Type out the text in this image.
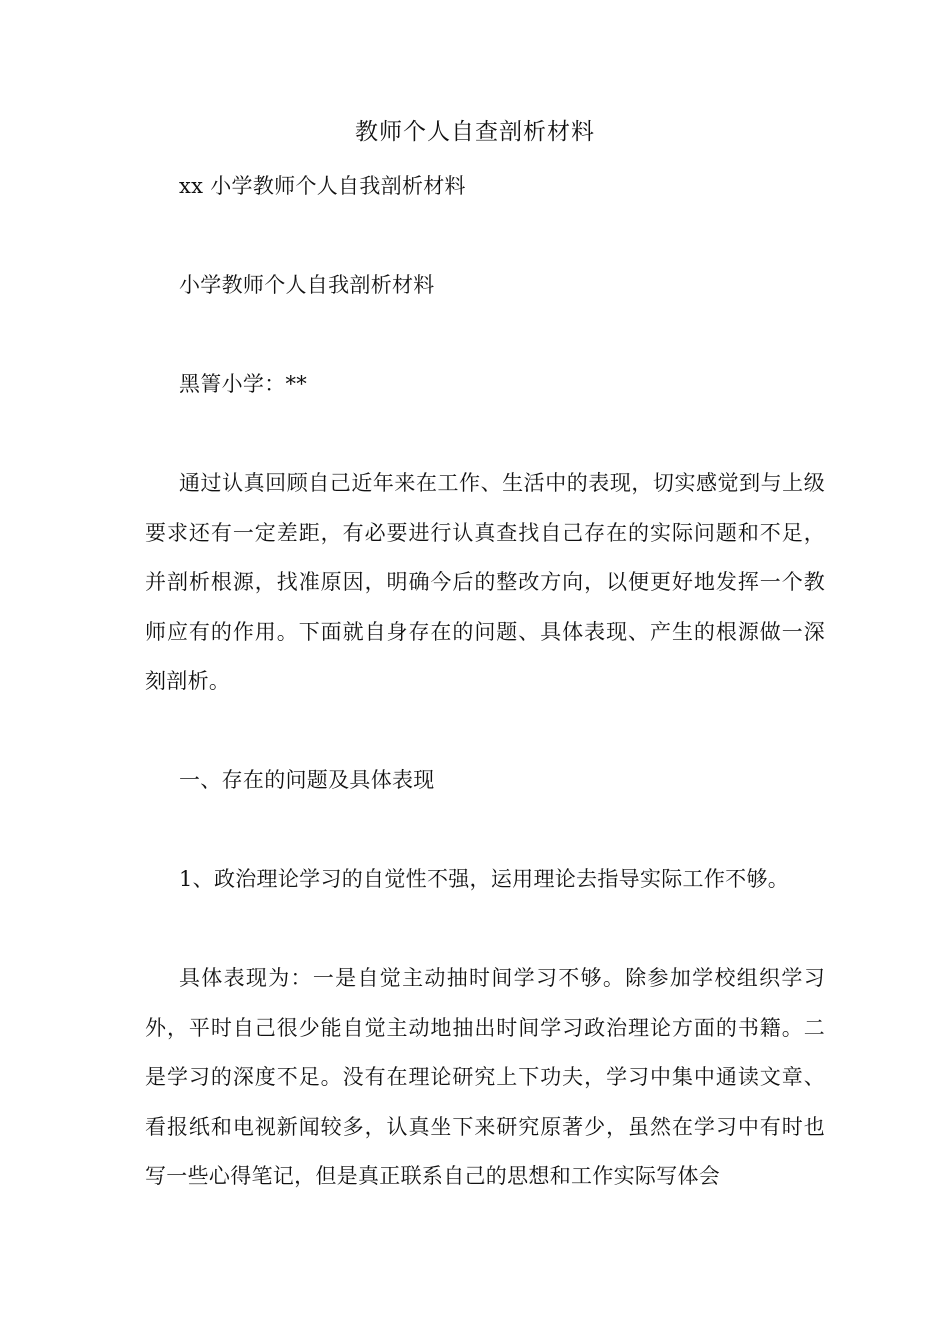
教师个人自查剖析材料

xx 小学教师个人自我剖析材料

小学教师个人自我剖析材料

黑箐小学：**

通过认真回顾自己近年来在工作、生活中的表现，切实感觉到与上级要求还有一定差距，有必要进行认真查找自己存在的实际问题和不足，并剖析根源，找准原因，明确今后的整改方向，以便更好地发挥一个教师应有的作用。下面就自身存在的问题、具体表现、产生的根源做一深刻剖析。

一、存在的问题及具体表现

1、政治理论学习的自觉性不强，运用理论去指导实际工作不够。

具体表现为：一是自觉主动抽时间学习不够。除参加学校组织学习外，平时自己很少能自觉主动地抽出时间学习政治理论方面的书籍。二是学习的深度不足。没有在理论研究上下功夫，学习中集中通读文章、看报纸和电视新闻较多，认真坐下来研究原著少，虽然在学习中有时也写一些心得笔记，但是真正联系自己的思想和工作实际写体会
